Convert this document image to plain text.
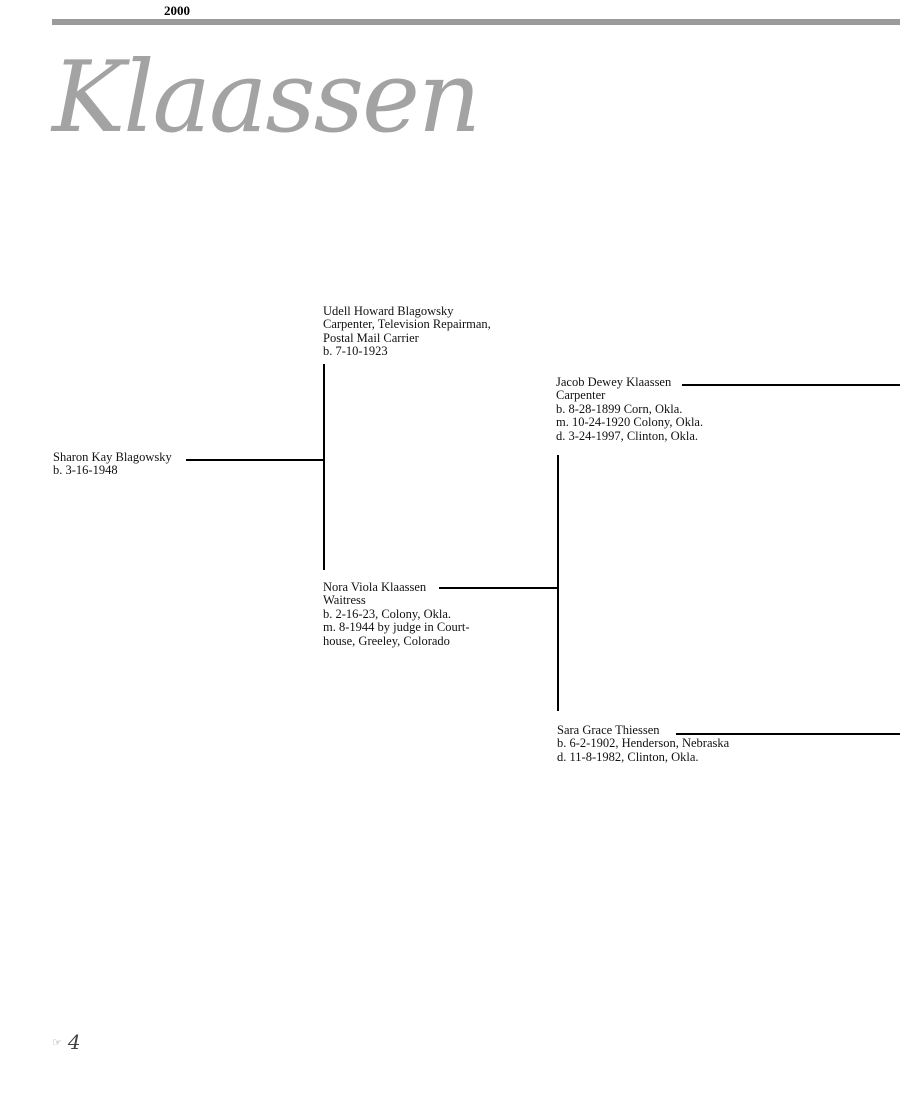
2000
Klaassen
Sharon Kay Blagowsky
b. 3-16-1948
Udell Howard Blagowsky
Carpenter, Television Repairman,
Postal Mail Carrier
b. 7-10-1923
Nora Viola Klaassen
Waitress
b. 2-16-23, Colony, Okla.
m. 8-1944 by judge in Court-
house, Greeley, Colorado
Jacob Dewey Klaassen
Carpenter
b. 8-28-1899 Corn, Okla.
m. 10-24-1920 Colony, Okla.
d. 3-24-1997, Clinton, Okla.
Sara Grace Thiessen
b. 6-2-1902, Henderson, Nebraska
d. 11-8-1982, Clinton, Okla.
☞ 4
